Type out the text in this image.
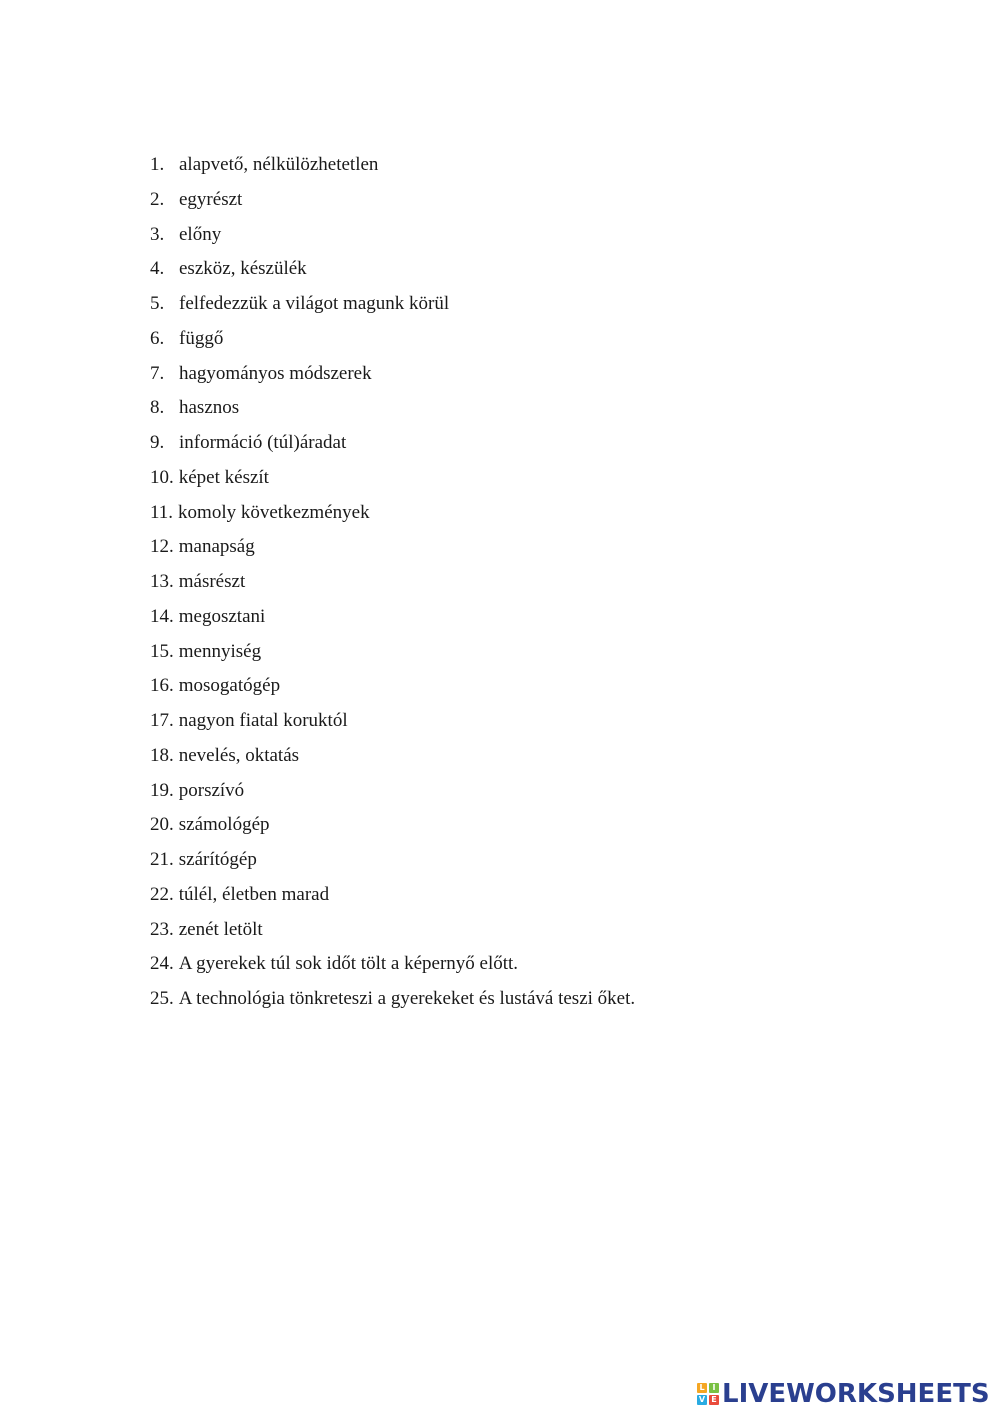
1. alapvető, nélkülözhetetlen
2. egyrészt
3. előny
4. eszköz, készülék
5. felfedezzük a világot magunk körül
6. függő
7. hagyományos módszerek
8. hasznos
9. információ (túl)áradat
10. képet készít
11. komoly következmények
12. manapság
13. másrészt
14. megosztani
15. mennyiség
16. mosogatógép
17. nagyon fiatal koruktól
18. nevelés, oktatás
19. porszívó
20. számológép
21. szárítógép
22. túlél, életben marad
23. zenét letölt
24. A gyerekek túl sok időt tölt a képernyő előtt.
25. A technológia tönkreteszi a gyerekeket és lustává teszi őket.
L I
V E LIVEWORKSHEETS
